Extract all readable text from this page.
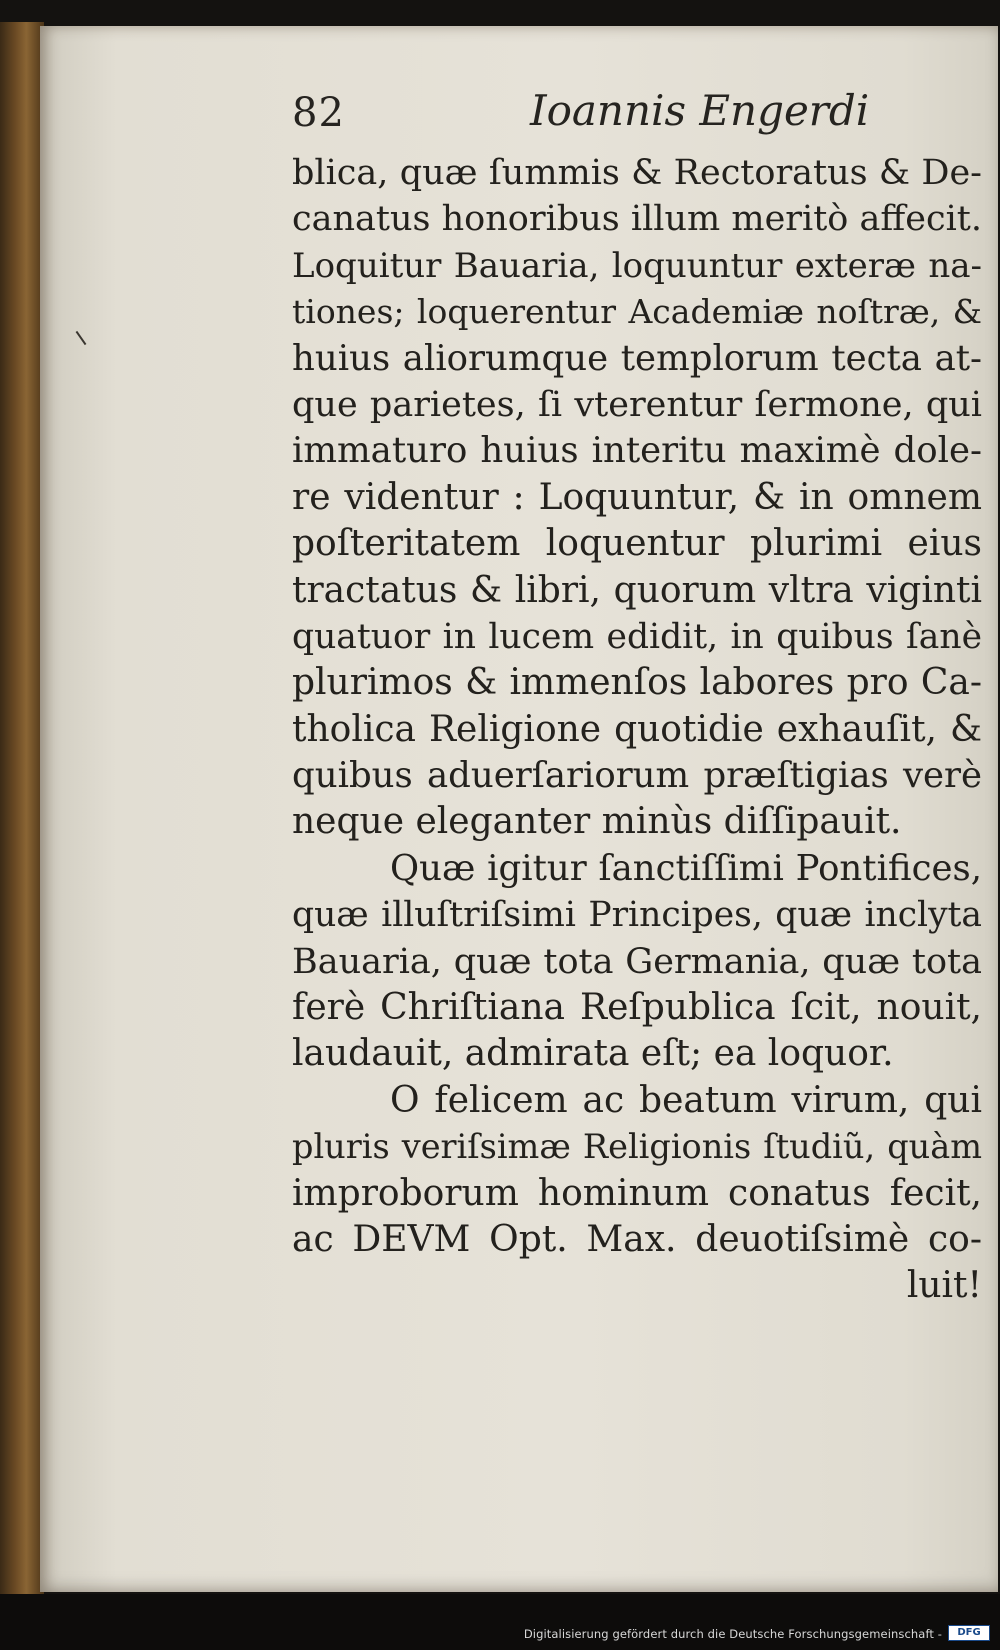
82	Ioannis Engerdi
blica, quæ ſummis & Rectoratus & De-
canatus honoribus illum meritò affecit.
Loquitur Bauaria, loquuntur exteræ na-
tiones; loquerentur Academiæ noſtræ, &
huius aliorumque templorum tecta at-
que parietes, ſi vterentur ſermone, qui
immaturo huius interitu maximè dole-
re videntur : Loquuntur, & in omnem
poſteritatem loquentur plurimi eius
tractatus & libri, quorum vltra viginti
quatuor in lucem edidit, in quibus ſanè
plurimos & immenſos labores pro Ca-
tholica Religione quotidie exhauſit, &
quibus aduerſariorum præſtigias verè
neque eleganter minùs diſſipauit.
Quæ igitur ſanctiſſimi Pontifices,
quæ illuſtriſsimi Principes, quæ inclyta
Bauaria, quæ tota Germania, quæ tota
ferè Chriſtiana Reſpublica ſcit, nouit,
laudauit, admirata eſt; ea loquor.
O felicem ac beatum virum, qui
pluris veriſsimæ Religionis ſtudiũ, quàm
improborum hominum conatus fecit,
ac DEVM Opt. Max. deuotiſsimè co-
luit!
Digitalisierung gefördert durch die Deutsche Forschungsgemeinschaft -	DFG
